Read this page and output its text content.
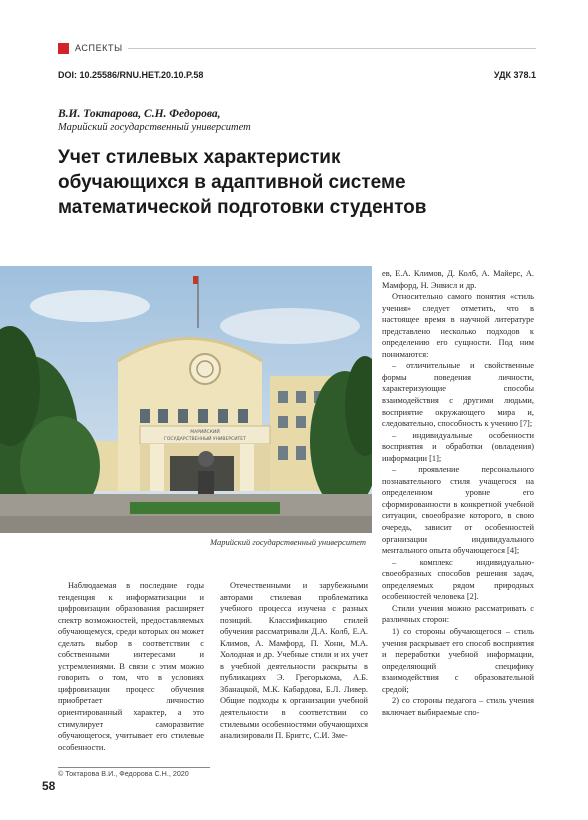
АСПЕКТЫ
DOI: 10.25586/RNU.HET.20.10.P.58	УДК 378.1
В.И. Токтарова, С.Н. Федорова,
Марийский государственный университет
Учет стилевых характеристик
обучающихся в адаптивной системе
математической подготовки студентов
МАРИЙСКИЙ
ГОСУДАРСТВЕННЫЙ УНИВЕРСИТЕТ
Марийский государственный университет

Наблюдаемая в последние годы тенденция к информатизации и цифровизации образования расширяет спектр возможностей, предоставляемых обучающемуся, среди которых он может сделать выбор в соответствии с собственными интересами и устремлениями. В связи с этим можно говорить о том, что в условиях цифровизации процесс обучения приобретает личностно ориентированный характер, а это стимулирует саморазвитие обучающегося, учитывает его стилевые особенности.

Отечественными и зарубежными авторами стилевая проблематика учебного процесса изучена с разных позиций. Классификацию стилей обучения рассматривали Д.А. Колб, Е.А. Климов, А. Мамфорд, П. Хони, М.А. Холодная и др. Учебные стили и их учет в учебной деятельности раскрыты в публикациях Э. Грегорькома, А.Б. Збанацкой, М.К. Кабардова, Б.Л. Ливер. Общие подходы к организации учебной деятельности в соответствии со стилевыми особенностями обучающихся анализировали П. Бриггс, С.И. Зме-

ев, Е.А. Климов, Д. Колб, А. Майерс, А. Мамфорд, Н. Энвисл и др.

Относительно самого понятия «стиль учения» следует отметить, что в настоящее время в научной литературе представлено несколько подходов к определению его сущности. Под ним понимаются:

– отличительные и свойственные формы поведения личности, характеризующие способы взаимодействия с другими людьми, восприятие окружающего мира и, следовательно, способность к учению [7];

– индивидуальные особенности восприятия и обработки (овладения) информации [1];

– проявление персонального познавательного стиля учащегося на определенном уровне его сформированности в конкретной учебной ситуации, своеобразие которого, в свою очередь, зависит от особенностей организации индивидуального ментального опыта обучающегося [4];

– комплекс индивидуально-своеобразных способов решения задач, определяемых рядом природных особенностей человека [2].

Стили учения можно рассматривать с различных сторон:

1) со стороны обучающегося – стиль учения раскрывает его способ восприятия и переработки учебной информации, определяющий специфику взаимодействия с образовательной средой;

2) со стороны педагога – стиль учения включает выбираемые спо-

© Токтарова В.И., Федорова С.Н., 2020
58
